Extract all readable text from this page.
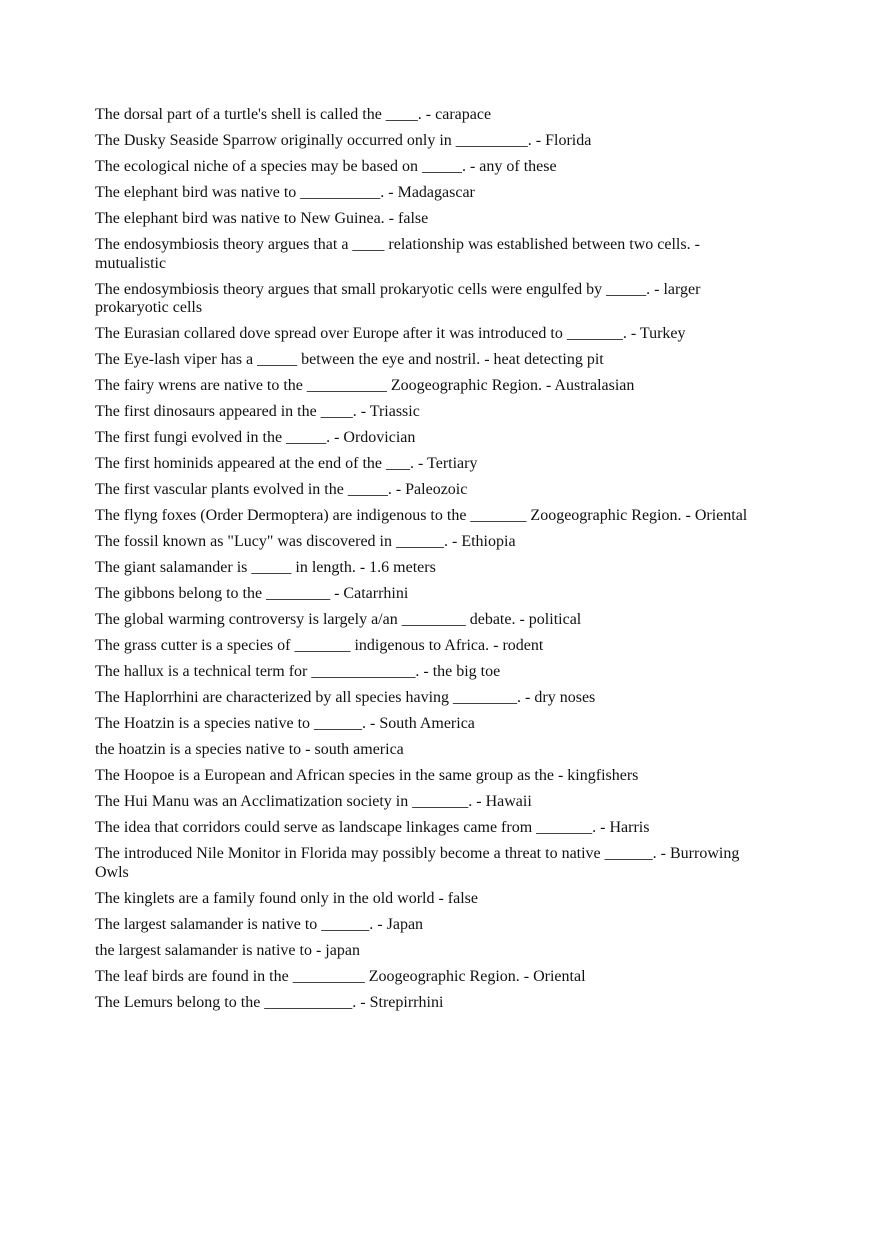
The dorsal part of a turtle's shell is called the ____. - carapace
The Dusky Seaside Sparrow originally occurred only in _________. - Florida
The ecological niche of a species may be based on _____. - any of these
The elephant bird was native to __________. - Madagascar
The elephant bird was native to New Guinea. - false
The endosymbiosis theory argues that a ____ relationship was established between two cells. - mutualistic
The endosymbiosis theory argues that small prokaryotic cells were engulfed by _____. - larger prokaryotic cells
The Eurasian collared dove spread over Europe after it was introduced to _______. - Turkey
The Eye-lash viper has a _____ between the eye and nostril. - heat detecting pit
The fairy wrens are native to the __________ Zoogeographic Region. - Australasian
The first dinosaurs appeared in the ____. - Triassic
The first fungi evolved in the _____. - Ordovician
The first hominids appeared at the end of the ___. - Tertiary
The first vascular plants evolved in the _____. - Paleozoic
The flyng foxes (Order Dermoptera) are indigenous to the _______ Zoogeographic Region. - Oriental
The fossil known as "Lucy" was discovered in ______. - Ethiopia
The giant salamander is _____ in length. - 1.6 meters
The gibbons belong to the ________ - Catarrhini
The global warming controversy is largely a/an ________ debate. - political
The grass cutter is a species of _______ indigenous to Africa. - rodent
The hallux is a technical term for _____________. - the big toe
The Haplorrhini are characterized by all species having ________. - dry noses
The Hoatzin is a species native to ______. - South America
the hoatzin is a species native to - south america
The Hoopoe is a European and African species in the same group as the - kingfishers
The Hui Manu was an Acclimatization society in _______. - Hawaii
The idea that corridors could serve as landscape linkages came from _______. - Harris
The introduced Nile Monitor in Florida may possibly become a threat to native ______. - Burrowing Owls
The kinglets are a family found only in the old world - false
The largest salamander is native to ______. - Japan
the largest salamander is native to - japan
The leaf birds are found in the _________ Zoogeographic Region. - Oriental
The Lemurs belong to the ___________. - Strepirrhini
